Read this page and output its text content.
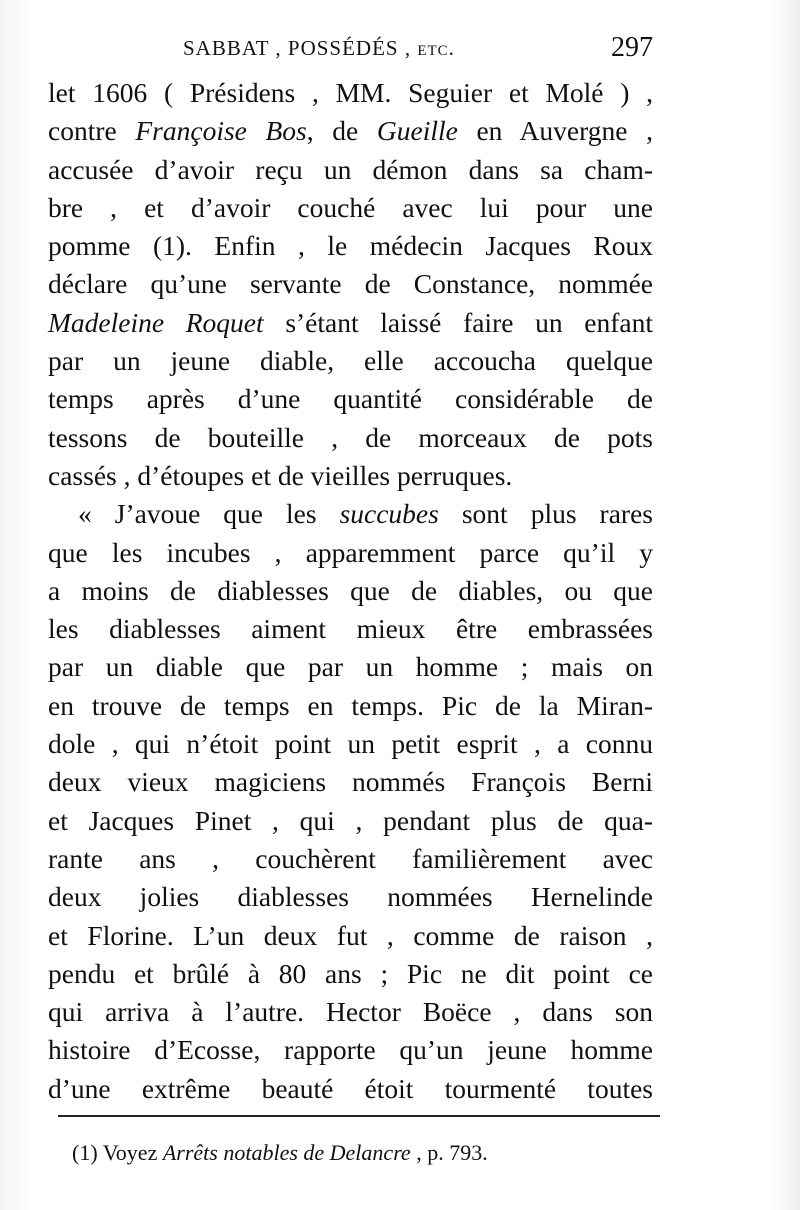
SABBAT , POSSÉDÉS , etc.	297
let 1606 ( Présidens , MM. Seguier et Molé ) ,
contre Françoise Bos, de Gueille en Auvergne ,
accusée d’avoir reçu un démon dans sa cham-
bre , et d’avoir couché avec lui pour une
pomme (1). Enfin , le médecin Jacques Roux
déclare qu’une servante de Constance, nommée
Madeleine Roquet s’étant laissé faire un enfant
par un jeune diable, elle accoucha quelque
temps après d’une quantité considérable de
tessons de bouteille , de morceaux de pots
cassés , d’étoupes et de vieilles perruques.
« J’avoue que les succubes sont plus rares
que les incubes , apparemment parce qu’il y
a moins de diablesses que de diables, ou que
les diablesses aiment mieux être embrassées
par un diable que par un homme ; mais on
en trouve de temps en temps. Pic de la Miran-
dole , qui n’étoit point un petit esprit , a connu
deux vieux magiciens nommés François Berni
et Jacques Pinet , qui , pendant plus de qua-
rante ans , couchèrent familièrement avec
deux jolies diablesses nommées Hernelinde
et Florine. L’un deux fut , comme de raison ,
pendu et brûlé à 80 ans ; Pic ne dit point ce
qui arriva à l’autre. Hector Boëce , dans son
histoire d’Ecosse, rapporte qu’un jeune homme
d’une extrême beauté étoit tourmenté toutes
(1) Voyez Arrêts notables de Delancre , p. 793.
